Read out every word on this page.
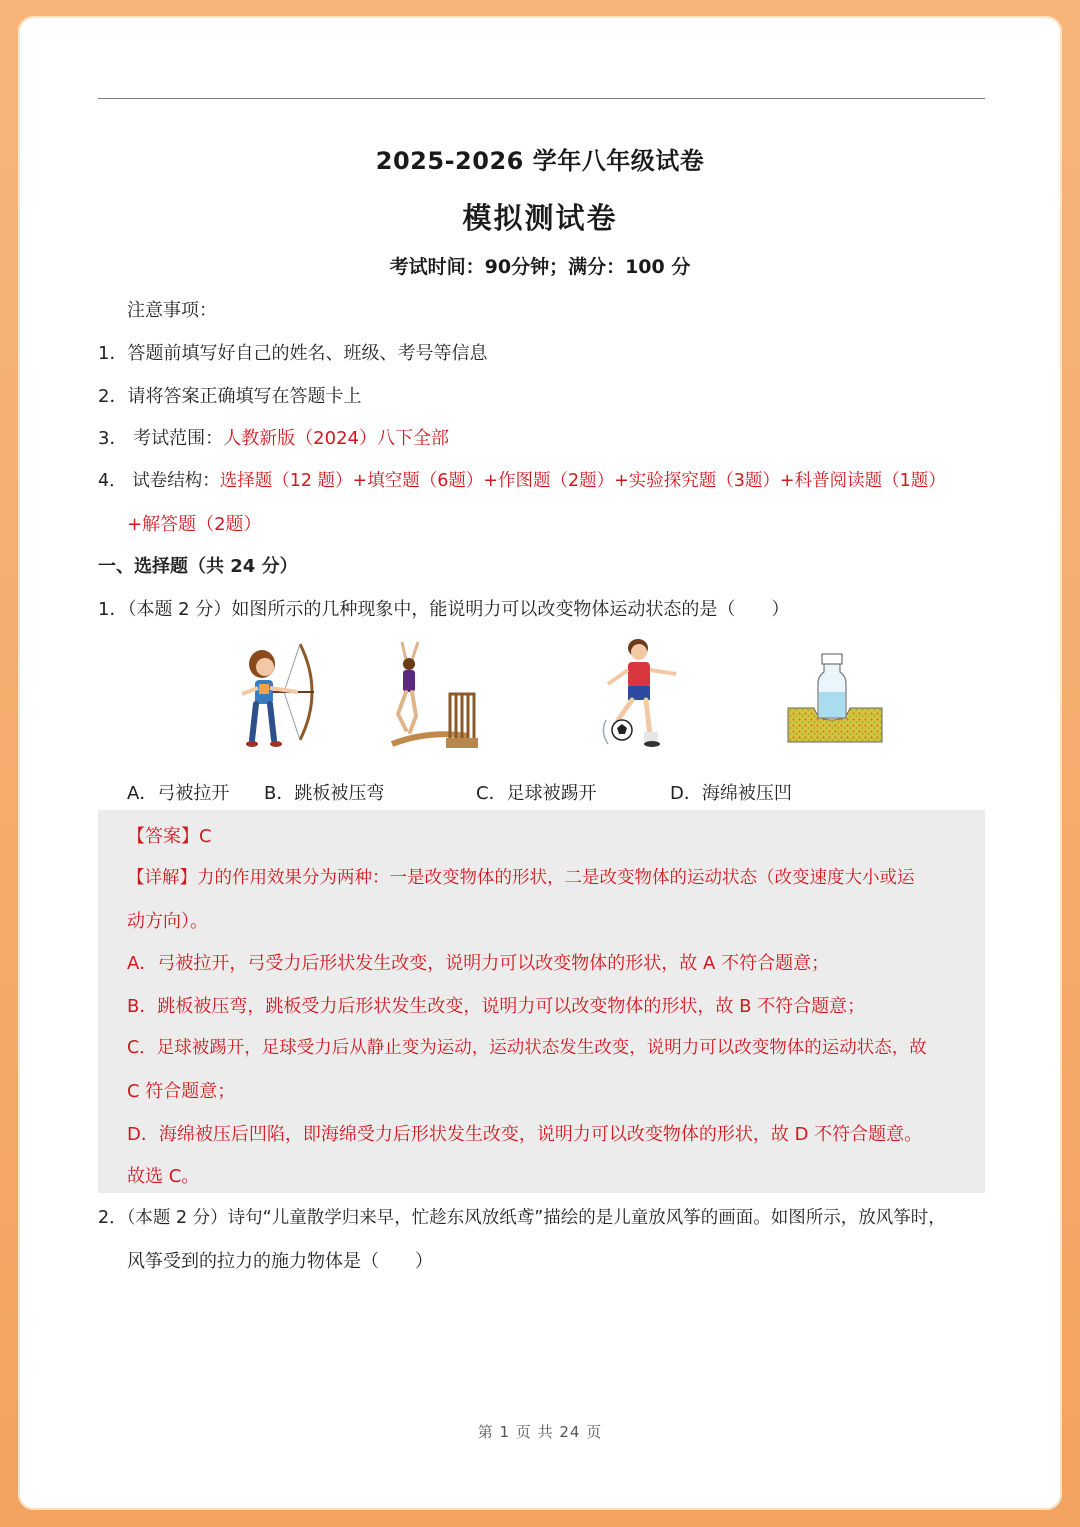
2025-2026 学年八年级试卷
模拟测试卷
考试时间：90分钟；满分：100 分
注意事项：
1．答题前填写好自己的姓名、班级、考号等信息
2．请将答案正确填写在答题卡上
3． 考试范围：人教新版（2024）八下全部
4． 试卷结构：选择题（12 题）+填空题（6题）+作图题（2题）+实验探究题（3题）+科普阅读题（1题）
+解答题（2题）
一、选择题（共 24 分）
1．（本题 2 分）如图所示的几种现象中，能说明力可以改变物体运动状态的是（　　）
A．弓被拉开 B．跳板被压弯	C．足球被踢开	D．海绵被压凹
【答案】C
【详解】力的作用效果分为两种：一是改变物体的形状，二是改变物体的运动状态（改变速度大小或运
动方向）。
A．弓被拉开，弓受力后形状发生改变，说明力可以改变物体的形状，故 A 不符合题意；
B．跳板被压弯，跳板受力后形状发生改变，说明力可以改变物体的形状，故 B 不符合题意；
C．足球被踢开，足球受力后从静止变为运动，运动状态发生改变，说明力可以改变物体的运动状态，故
C 符合题意；
D．海绵被压后凹陷，即海绵受力后形状发生改变，说明力可以改变物体的形状，故 D 不符合题意。
故选 C。
2．（本题 2 分）诗句“儿童散学归来早，忙趁东风放纸鸢”描绘的是儿童放风筝的画面。如图所示，放风筝时，
风筝受到的拉力的施力物体是（　　）
第 1 页 共 24 页
